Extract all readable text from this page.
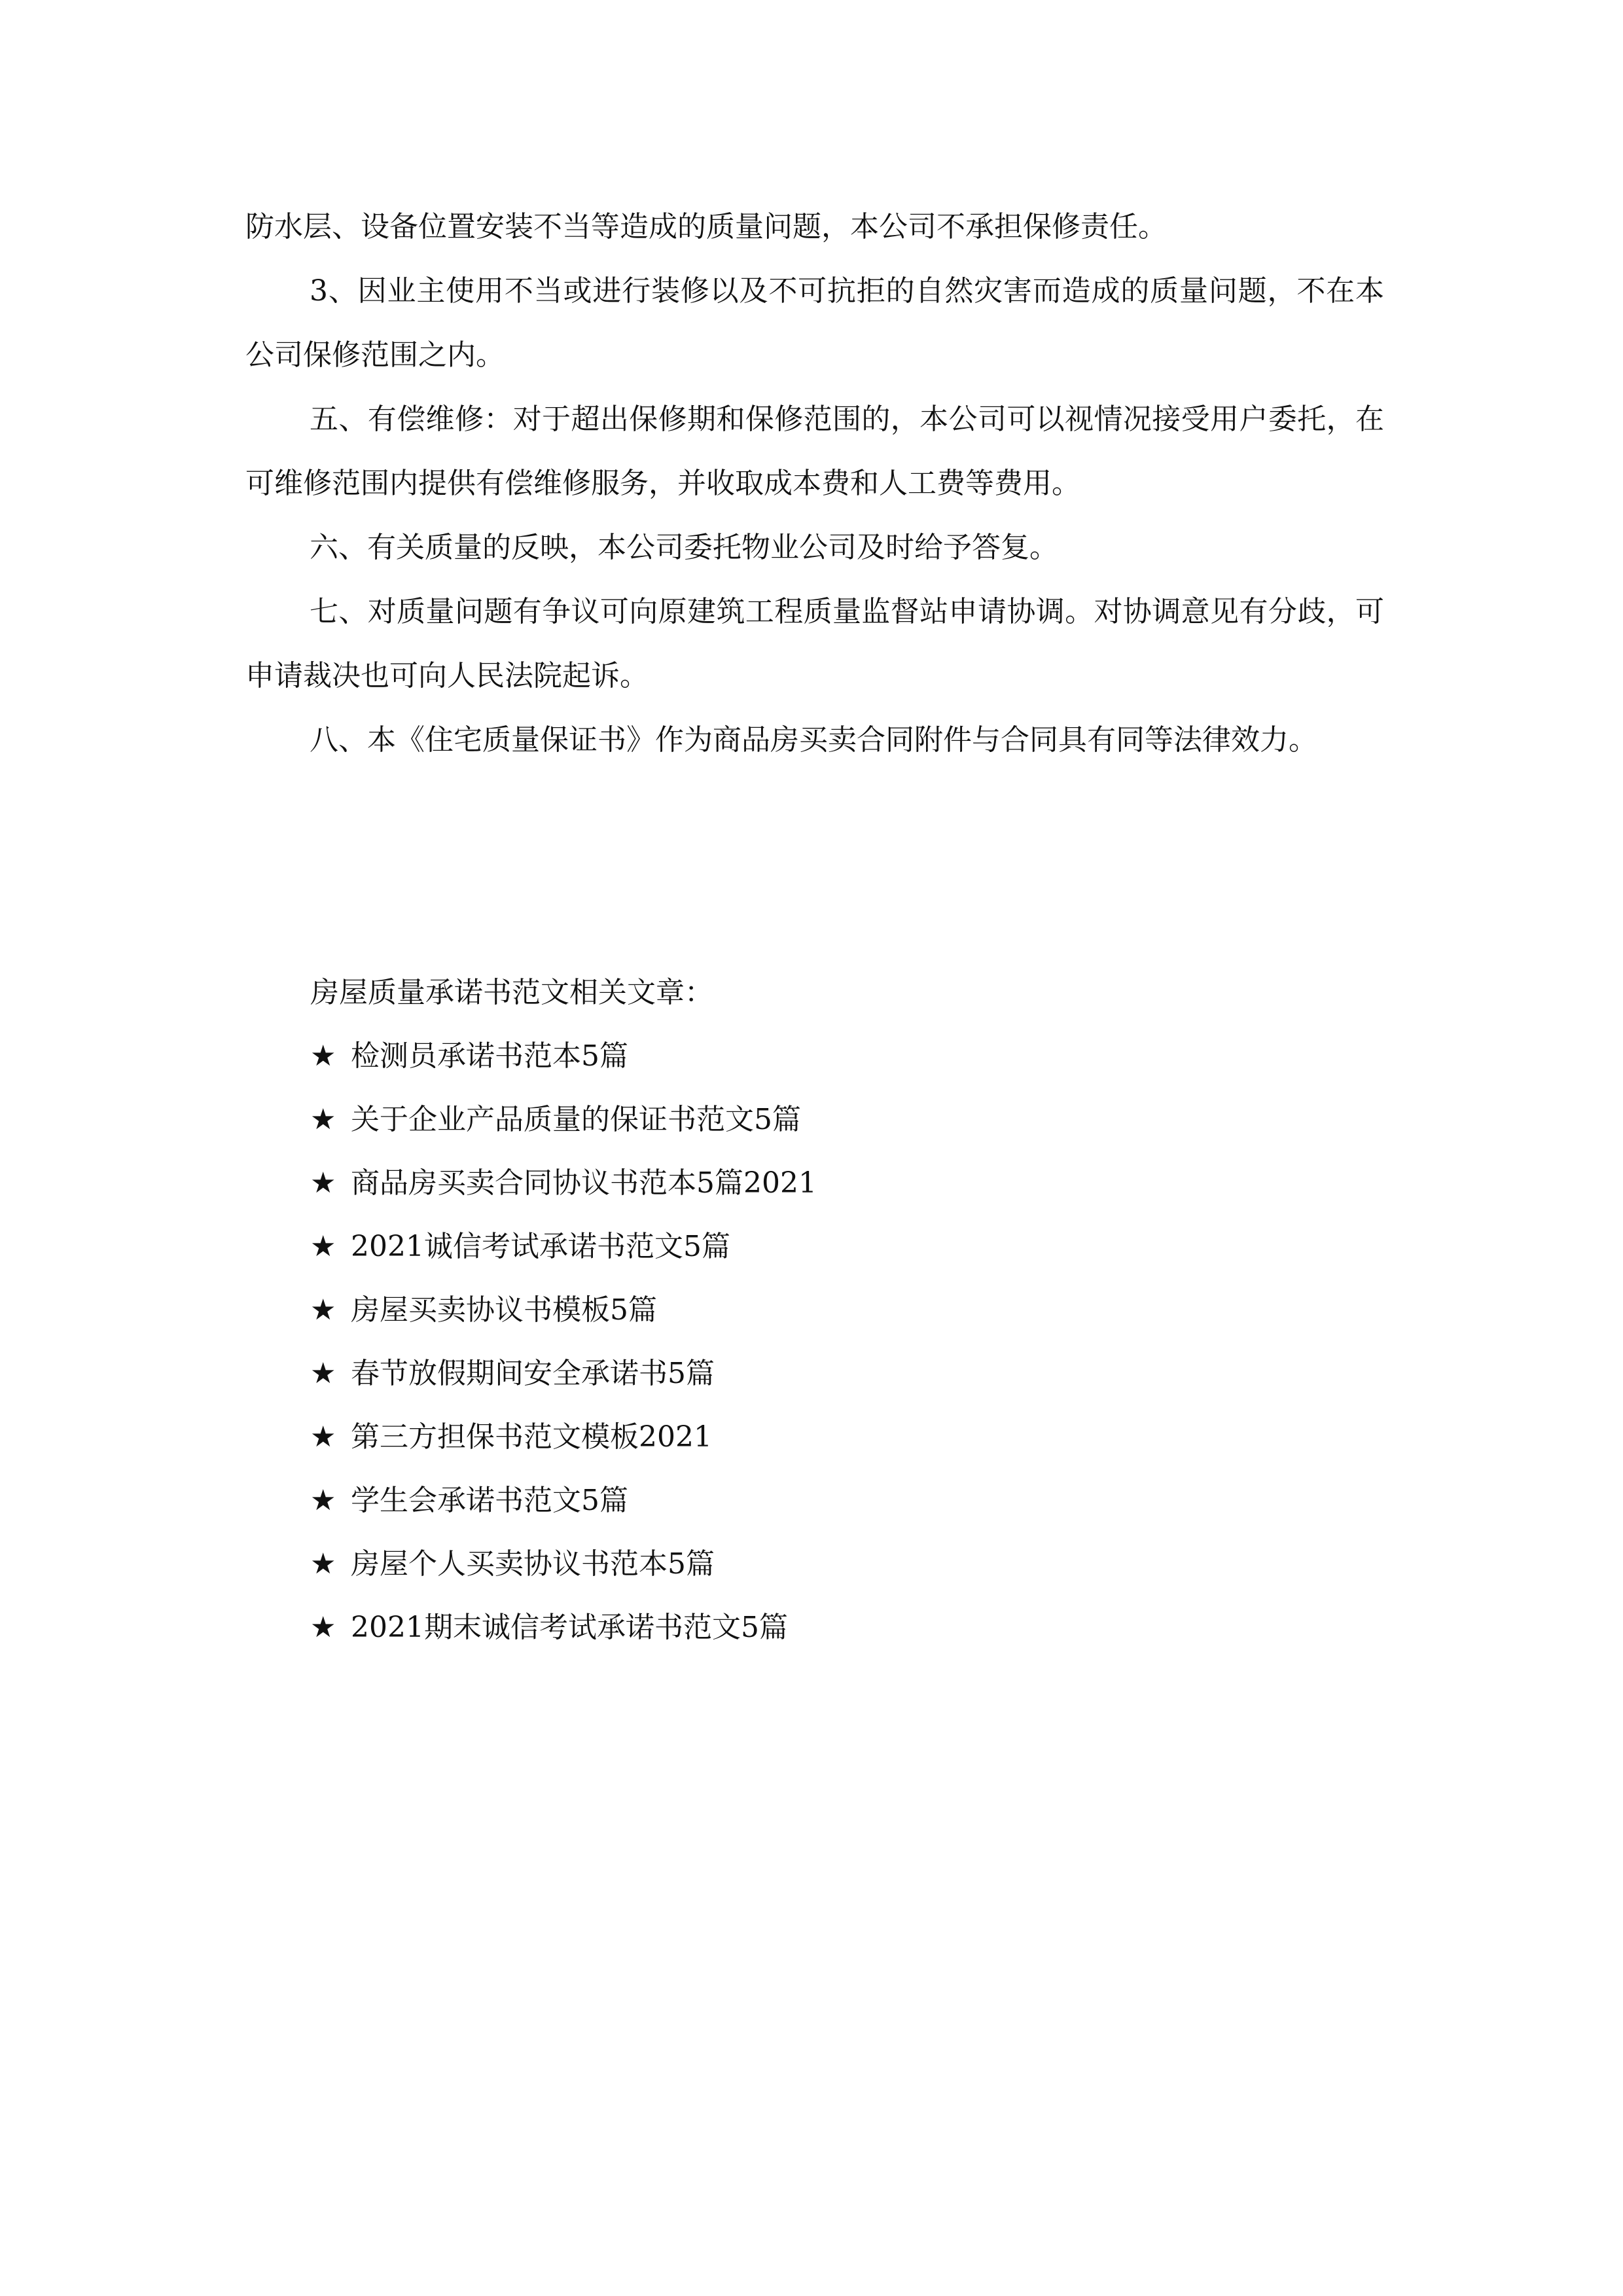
防水层、设备位置安装不当等造成的质量问题，本公司不承担保修责任。

3、因业主使用不当或进行装修以及不可抗拒的自然灾害而造成的质量问题，不在本公司保修范围之内。

五、有偿维修：对于超出保修期和保修范围的，本公司可以视情况接受用户委托，在可维修范围内提供有偿维修服务，并收取成本费和人工费等费用。

六、有关质量的反映，本公司委托物业公司及时给予答复。

七、对质量问题有争议可向原建筑工程质量监督站申请协调。对协调意见有分歧，可申请裁决也可向人民法院起诉。

八、本《住宅质量保证书》作为商品房买卖合同附件与合同具有同等法律效力。

房屋质量承诺书范文相关文章：

★ 检测员承诺书范本5篇
★ 关于企业产品质量的保证书范文5篇
★ 商品房买卖合同协议书范本5篇2021
★ 2021诚信考试承诺书范文5篇
★ 房屋买卖协议书模板5篇
★ 春节放假期间安全承诺书5篇
★ 第三方担保书范文模板2021
★ 学生会承诺书范文5篇
★ 房屋个人买卖协议书范本5篇
★ 2021期末诚信考试承诺书范文5篇
